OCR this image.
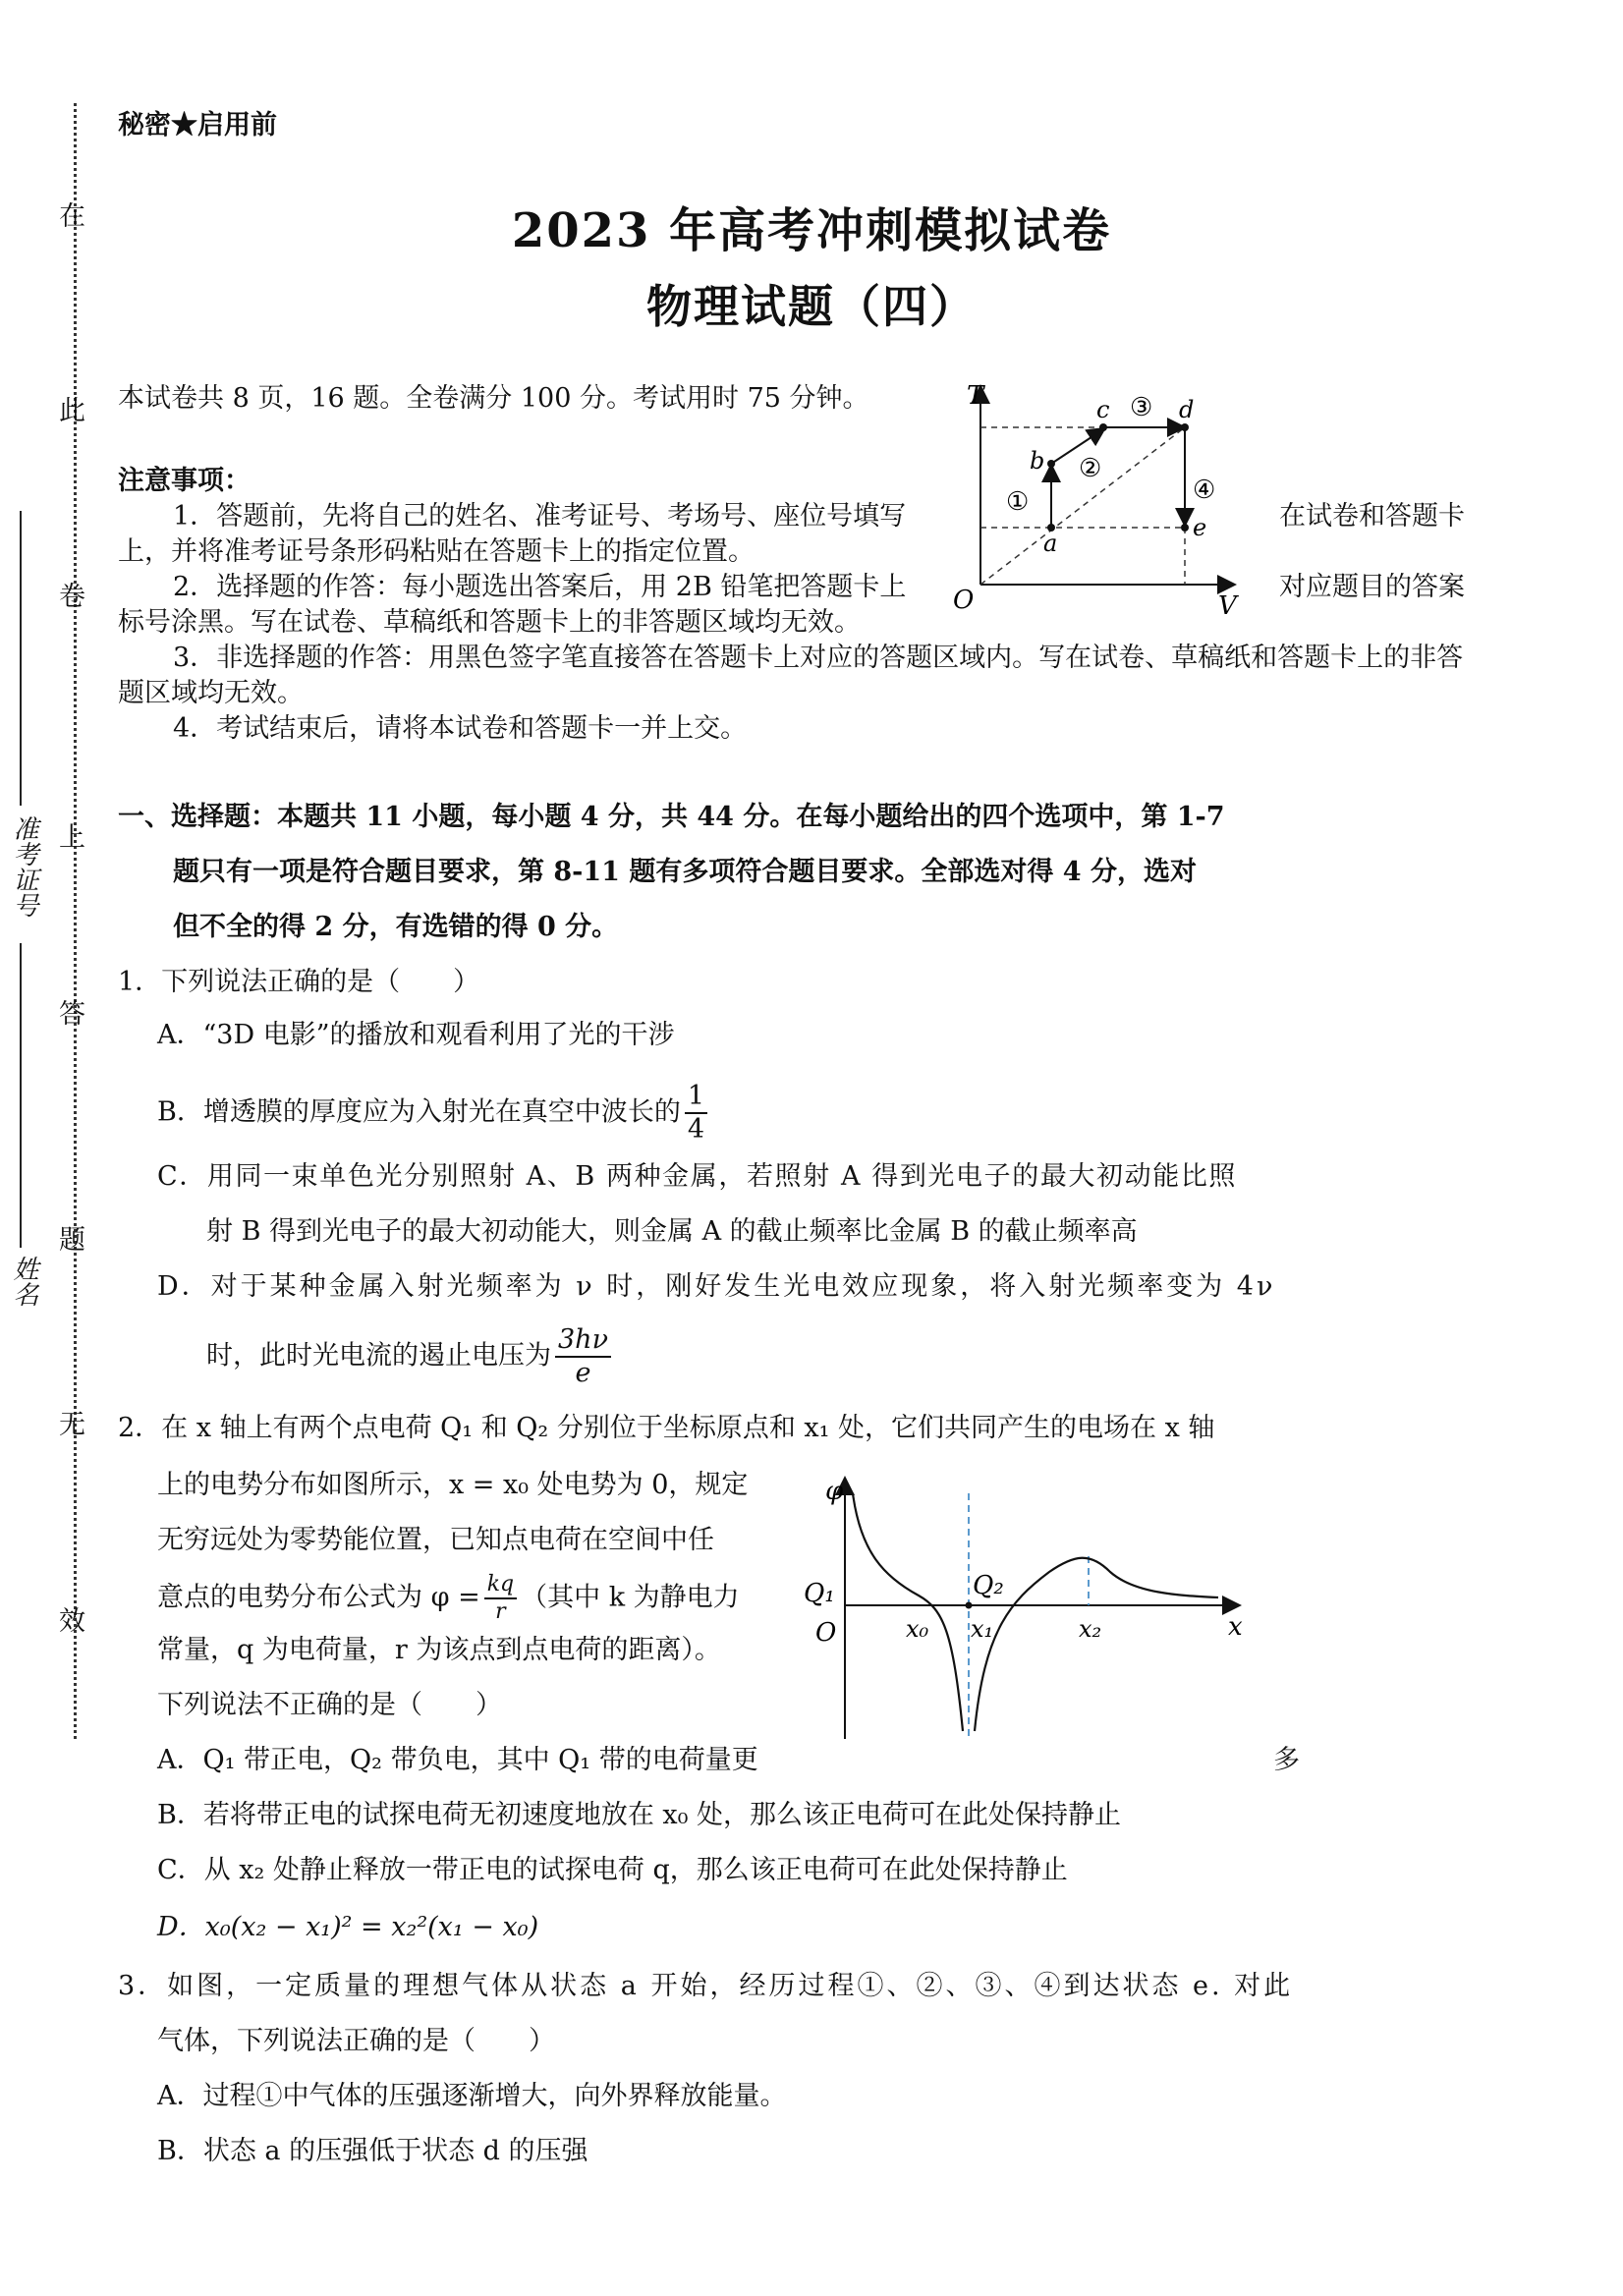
在
此
卷
上
答
题
无
效
准考证号
姓名
秘密★启用前
2023 年高考冲刺模拟试卷
物理试题（四）
本试卷共 8 页，16 题。全卷满分 100 分。考试用时 75 分钟。
注意事项：
1．答题前，先将自己的姓名、准考证号、考场号、座位号填写	在试卷和答题卡
上，并将准考证号条形码粘贴在答题卡上的指定位置。
2．选择题的作答：每小题选出答案后，用 2B 铅笔把答题卡上	对应题目的答案
标号涂黑。写在试卷、草稿纸和答题卡上的非答题区域均无效。
3．非选择题的作答：用黑色签字笔直接答在答题卡上对应的答题区域内。写在试卷、草稿纸和答题卡上的非答
题区域均无效。
4．考试结束后，请将本试卷和答题卡一并上交。
T
V
O
a
b
c	d
e
①
②
③
④
一、选择题：本题共 11 小题，每小题 4 分，共 44 分。在每小题给出的四个选项中，第 1-7
题只有一项是符合题目要求，第 8-11 题有多项符合题目要求。全部选对得 4 分，选对
但不全的得 2 分，有选错的得 0 分。
1．下列说法正确的是（　　）
A．“3D 电影”的播放和观看利用了光的干涉
B．增透膜的厚度应为入射光在真空中波长的 $\frac{1}{4}$
C．用同一束单色光分别照射 A、B 两种金属，若照射 A 得到光电子的最大初动能比照
射 B 得到光电子的最大初动能大，则金属 A 的截止频率比金属 B 的截止频率高
D．对于某种金属入射光频率为 ν 时，刚好发生光电效应现象，将入射光频率变为 4ν
时，此时光电流的遏止电压为 $\frac{3h\nu}{e}$
2．在 x 轴上有两个点电荷 Q₁ 和 Q₂ 分别位于坐标原点和 x₁ 处，它们共同产生的电场在 x 轴
上的电势分布如图所示，x = x₀ 处电势为 0，规定
无穷远处为零势能位置，已知点电荷在空间中任
意点的电势分布公式为 $\varphi = \frac{kq}{r}$ （其中 k 为静电力
常量，q 为电荷量，r 为该点到点电荷的距离）。
下列说法不正确的是（　　）
A．Q₁ 带正电，Q₂ 带负电，其中 Q₁ 带的电荷量更	多
B．若将带正电的试探电荷无初速度地放在 x₀ 处，那么该正电荷可在此处保持静止
C．从 x₂ 处静止释放一带正电的试探电荷 q，那么该正电荷可在此处保持静止
D．x₀(x₂ − x₁)² = x₂²(x₁ − x₀)
φ
x
O
Q₁	Q₂
x₀ x₁	x₂
3．如图，一定质量的理想气体从状态 a 开始，经历过程①、②、③、④到达状态 e. 对此
气体，下列说法正确的是（　　）
A．过程①中气体的压强逐渐增大，向外界释放能量。
B．状态 a 的压强低于状态 d 的压强
